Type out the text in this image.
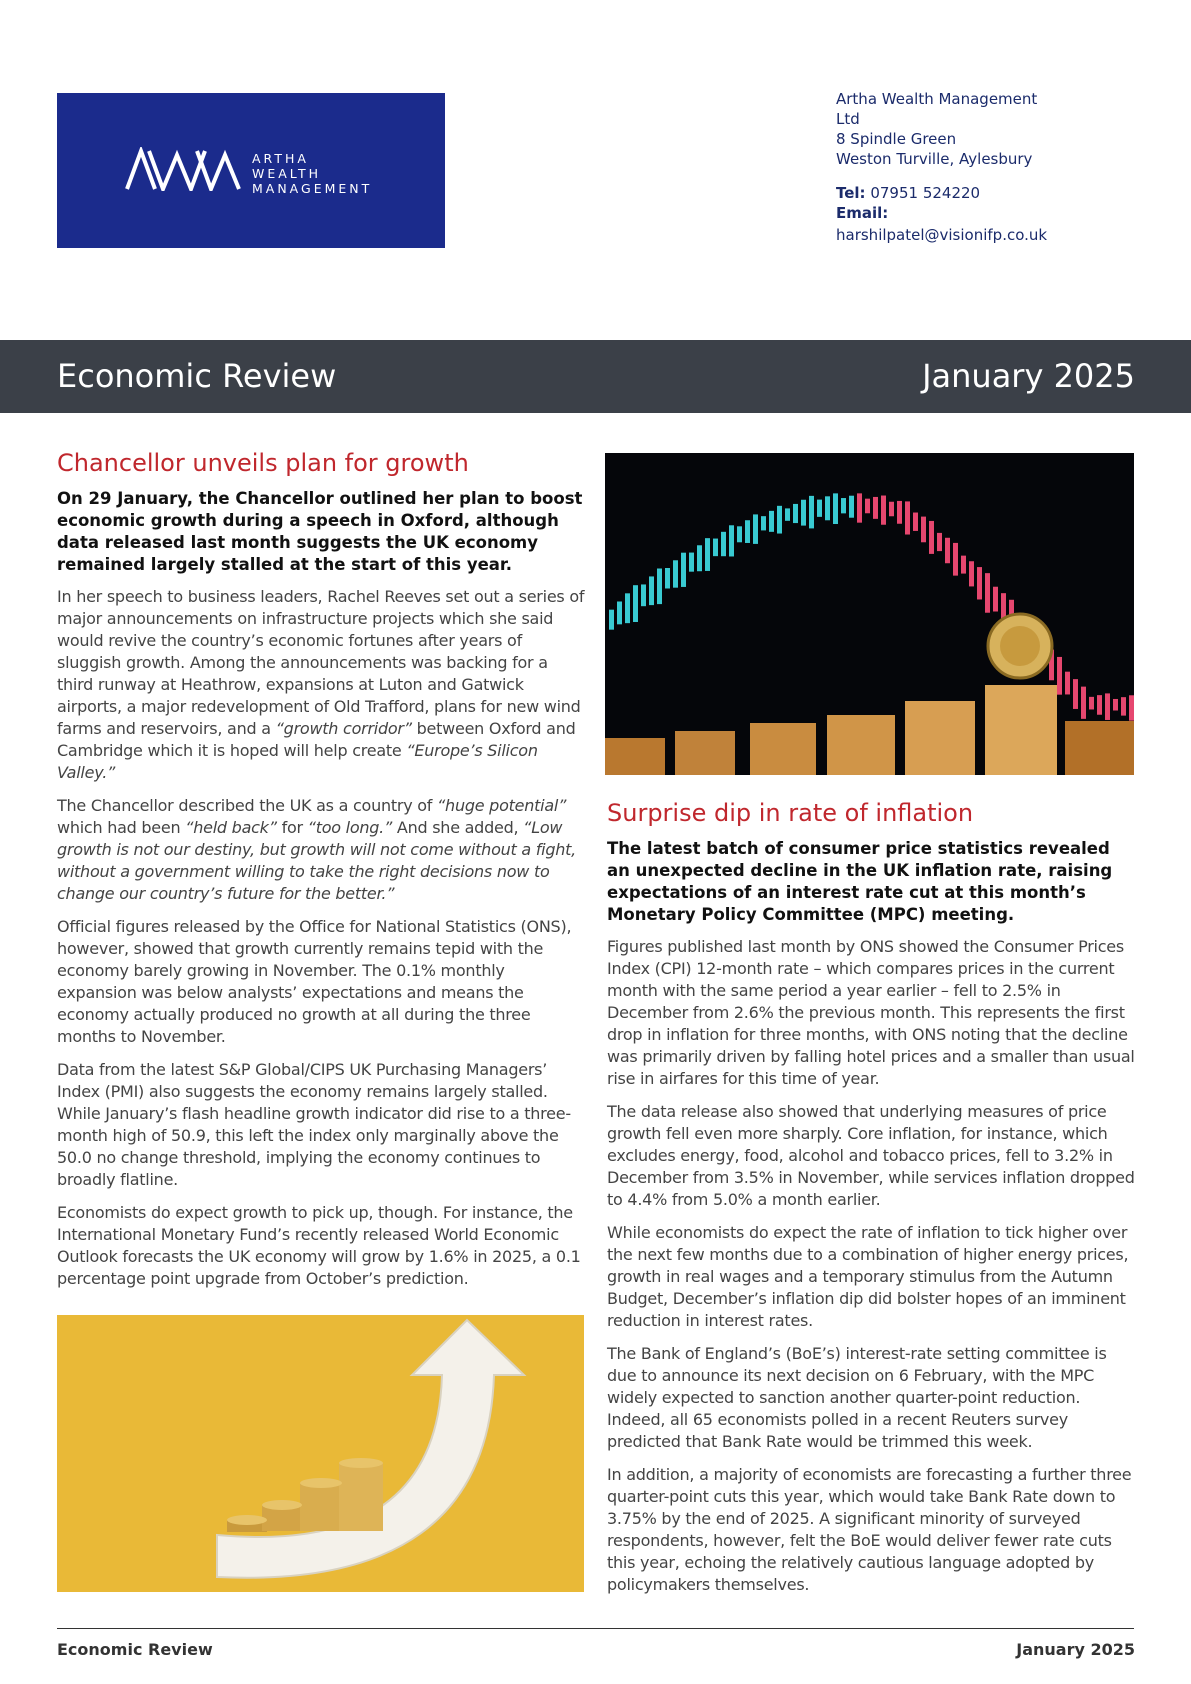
ARTHA
WEALTH
MANAGEMENT
Artha Wealth Management
Ltd
8 Spindle Green
Weston Turville, Aylesbury
Tel: 07951 524220
Email:
harshilpatel@visionifp.co.uk
Economic Review	January 2025
Chancellor unveils plan for growth
On 29 January, the Chancellor outlined her plan to boost economic growth during a speech in Oxford, although data released last month suggests the UK economy remained largely stalled at the start of this year.

In her speech to business leaders, Rachel Reeves set out a series of major announcements on infrastructure projects which she said would revive the country’s economic fortunes after years of sluggish growth. Among the announcements was backing for a third runway at Heathrow, expansions at Luton and Gatwick airports, a major redevelopment of Old Trafford, plans for new wind farms and reservoirs, and a “growth corridor” between Oxford and Cambridge which it is hoped will help create “Europe’s Silicon Valley.”

The Chancellor described the UK as a country of “huge potential” which had been “held back” for “too long.” And she added, “Low growth is not our destiny, but growth will not come without a fight, without a government willing to take the right decisions now to change our country’s future for the better.”

Official figures released by the Office for National Statistics (ONS), however, showed that growth currently remains tepid with the economy barely growing in November. The 0.1% monthly expansion was below analysts’ expectations and means the economy actually produced no growth at all during the three months to November.

Data from the latest S&P Global/CIPS UK Purchasing Managers’ Index (PMI) also suggests the economy remains largely stalled. While January’s flash headline growth indicator did rise to a three-month high of 50.9, this left the index only marginally above the 50.0 no change threshold, implying the economy continues to broadly flatline.

Economists do expect growth to pick up, though. For instance, the International Monetary Fund’s recently released World Economic Outlook forecasts the UK economy will grow by 1.6% in 2025, a 0.1 percentage point upgrade from October’s prediction.

Surprise dip in rate of inflation
The latest batch of consumer price statistics revealed an unexpected decline in the UK inflation rate, raising expectations of an interest rate cut at this month’s Monetary Policy Committee (MPC) meeting.

Figures published last month by ONS showed the Consumer Prices Index (CPI) 12-month rate – which compares prices in the current month with the same period a year earlier – fell to 2.5% in December from 2.6% the previous month. This represents the first drop in inflation for three months, with ONS noting that the decline was primarily driven by falling hotel prices and a smaller than usual rise in airfares for this time of year.

The data release also showed that underlying measures of price growth fell even more sharply. Core inflation, for instance, which excludes energy, food, alcohol and tobacco prices, fell to 3.2% in December from 3.5% in November, while services inflation dropped to 4.4% from 5.0% a month earlier.

While economists do expect the rate of inflation to tick higher over the next few months due to a combination of higher energy prices, growth in real wages and a temporary stimulus from the Autumn Budget, December’s inflation dip did bolster hopes of an imminent reduction in interest rates.

The Bank of England’s (BoE’s) interest-rate setting committee is due to announce its next decision on 6 February, with the MPC widely expected to sanction another quarter-point reduction. Indeed, all 65 economists polled in a recent Reuters survey predicted that Bank Rate would be trimmed this week.

In addition, a majority of economists are forecasting a further three quarter-point cuts this year, which would take Bank Rate down to 3.75% by the end of 2025. A significant minority of surveyed respondents, however, felt the BoE would deliver fewer rate cuts this year, echoing the relatively cautious language adopted by policymakers themselves.

Economic Review	January 2025
